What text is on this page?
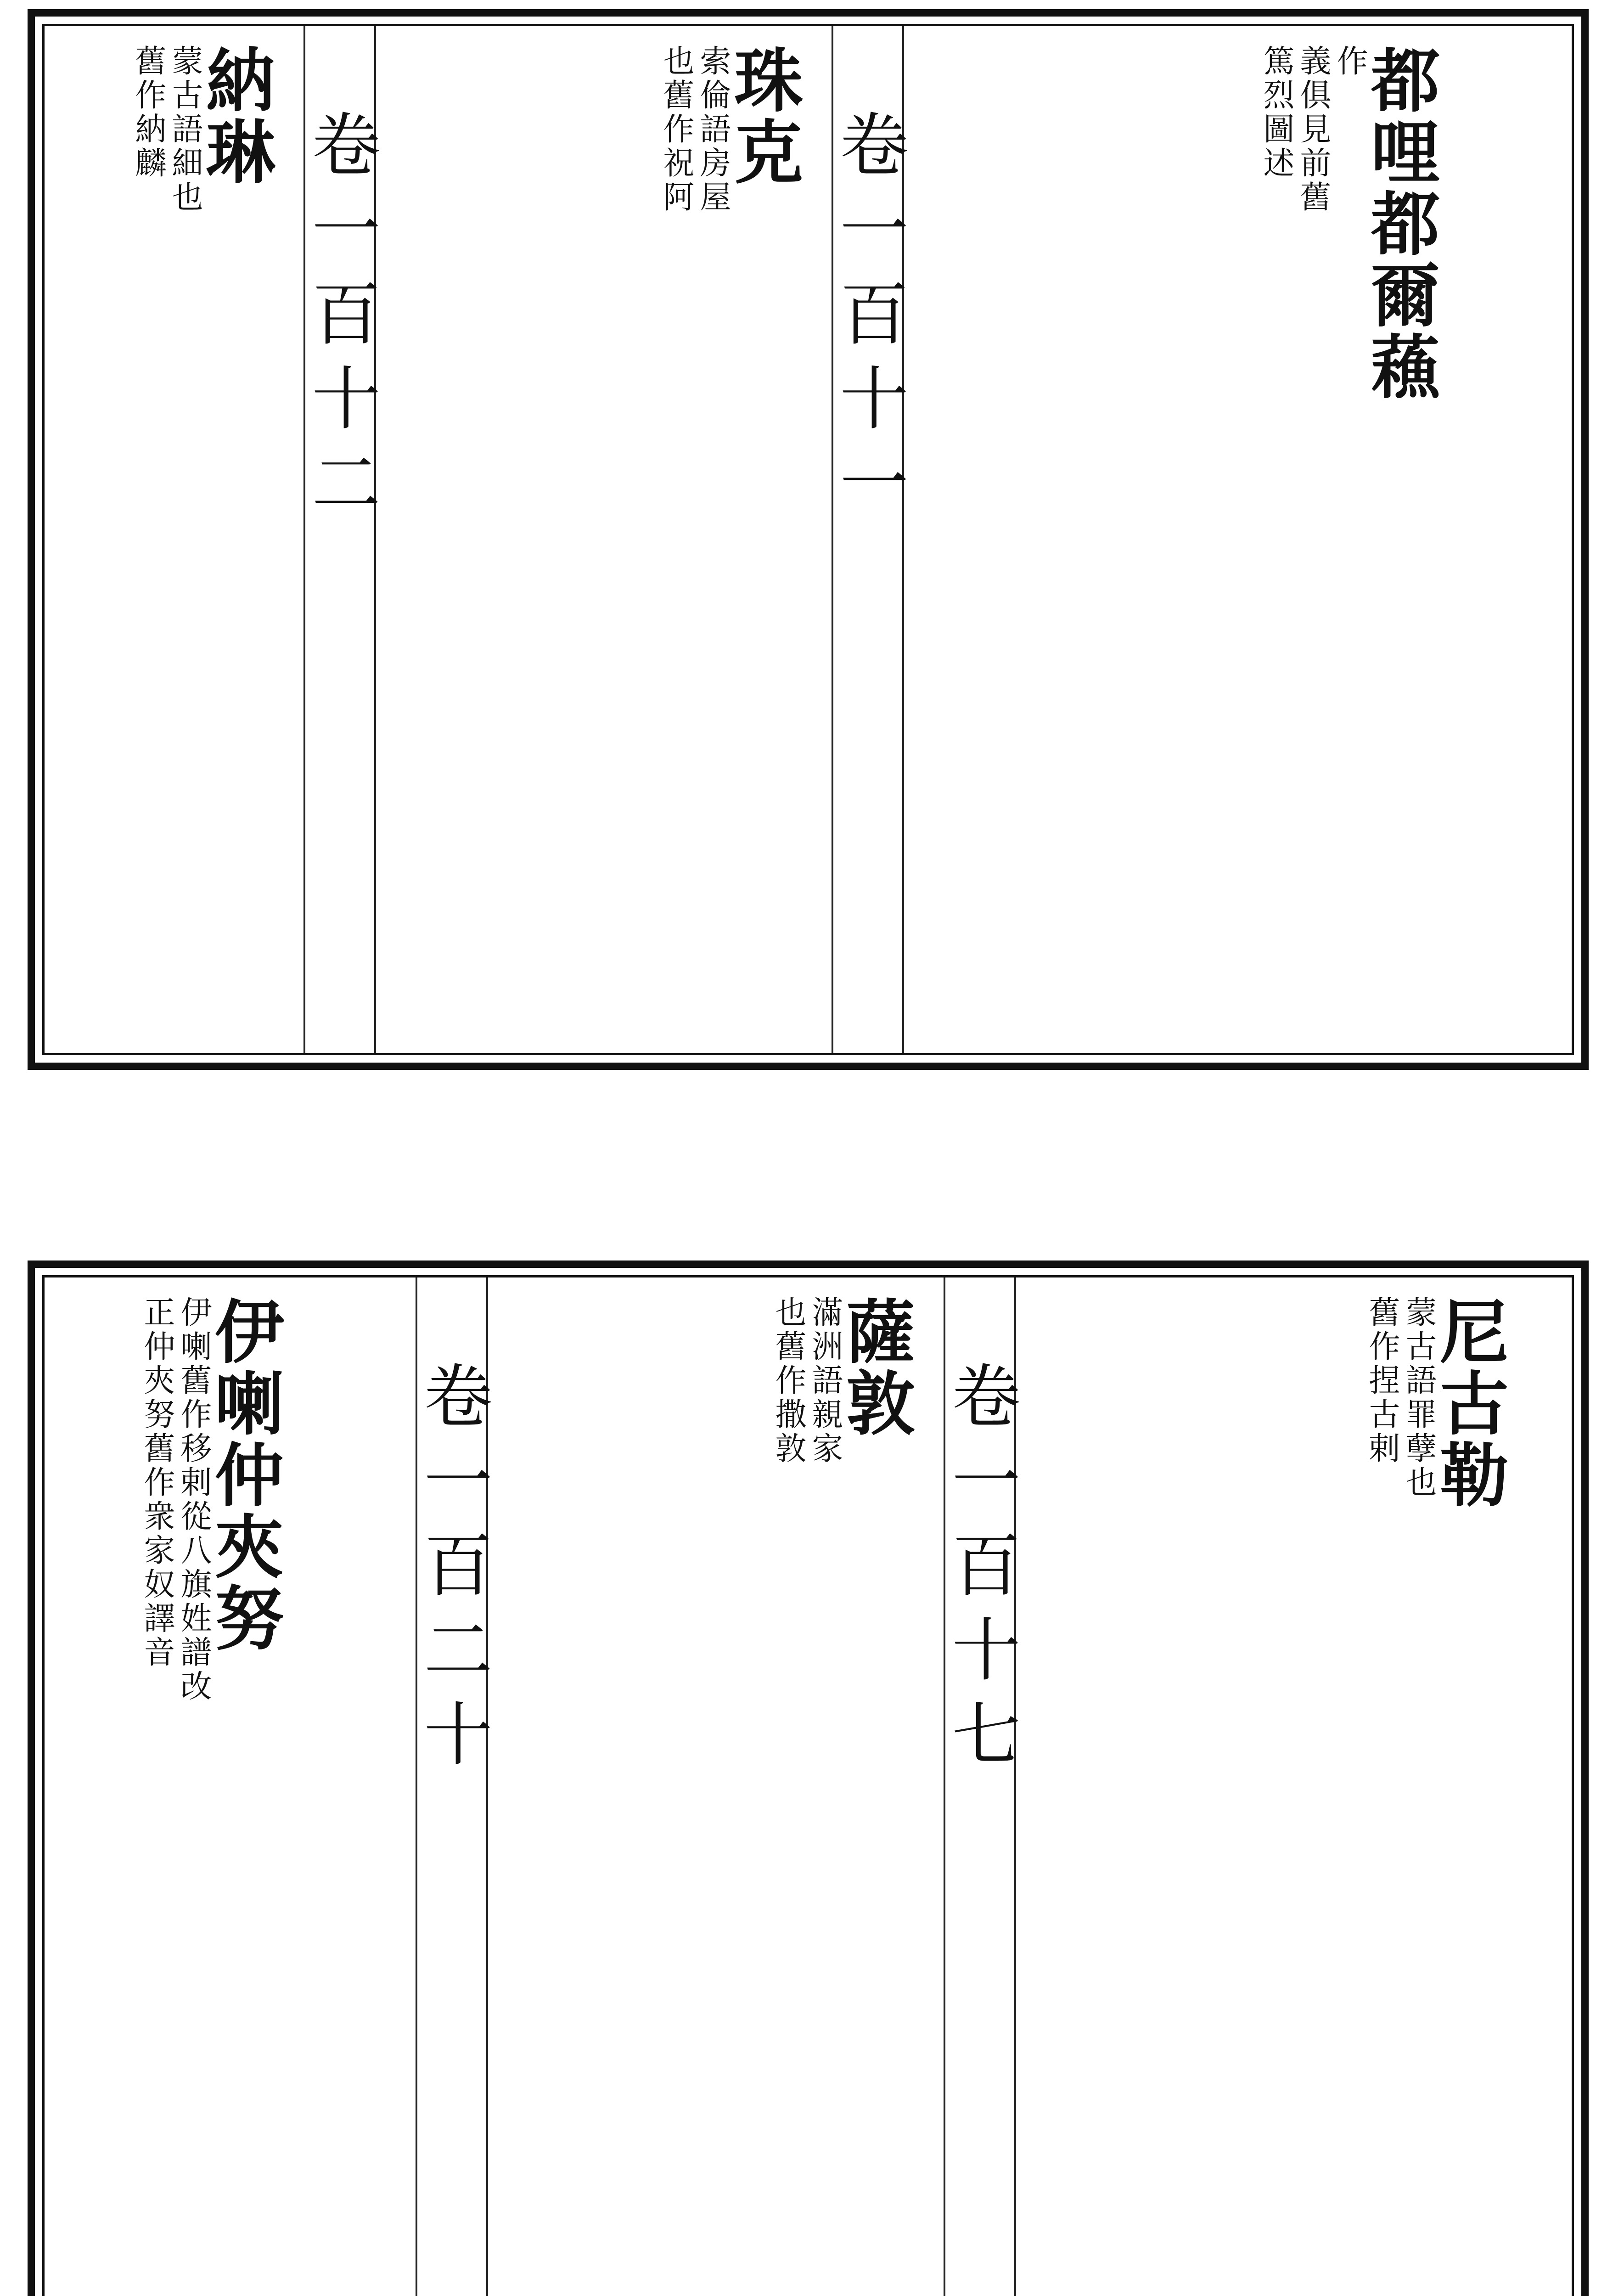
都哩都爾蘓
作
義俱見前舊
篤烈圖述
卷一百十一
珠克
索倫語房屋
也舊作祝阿
卷一百十二
納琳
蒙古語細也
舊作納麟
尼古勒
蒙古語罪孽也
舊作捏古剌
卷一百十七
薩敦
滿洲語親家
也舊作撒敦
卷一百二十
伊喇仲夾努
伊喇舊作移剌從八旗姓譜改
正仲夾努舊作衆家奴譯音
